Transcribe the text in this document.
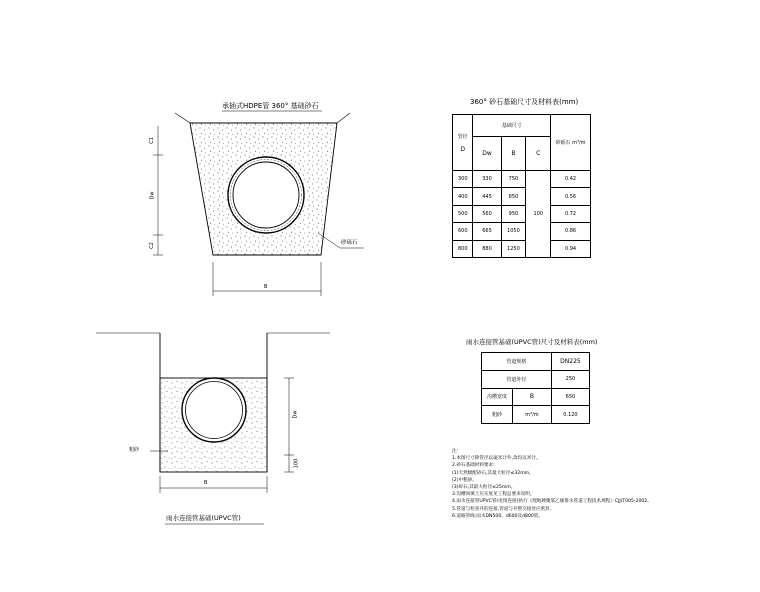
承插式HDPE管 360° 基础砂石
砂砾石
B
C1
Dw
C2
雨水连接管基础(UPVC管)
粗砂
B
Dw
100
360° 砂石基础尺寸及材料表(mm)
管径

D	基础尺寸			砂砾石 m³/m
	Dw	B	C	
300	330	750	100	0.42
400	445	850		0.56
500	560	950		0.72
600	665	1050		0.86
800	880	1250		0.94
雨水连接管基础(UPVC管)尺寸及材料表(mm)
管道规格		DN225
管道外径		250
沟槽宽度	B	650
粗砂	m³/m	0.120
注:
1.本图尺寸除管径以毫米计外,余均以米计。
2.砂石基础材料要求:
(1)天然级配砂石,其最大粒径≤32mm。
(2)中粗砂。
(3)碎石,其最大粒径≤25mm。
3.沟槽回填土压实度见工程总要求说明。
4.雨水连接管UPVC管(电熔连接)执行《埋地硬聚氯乙烯排水管道工程技术规程》CJJ/T005-2002。
5.管道与检查井的连接,管道与井壁交接处应密封。
6.道路管线:雨水DN500、d600及d800管。
